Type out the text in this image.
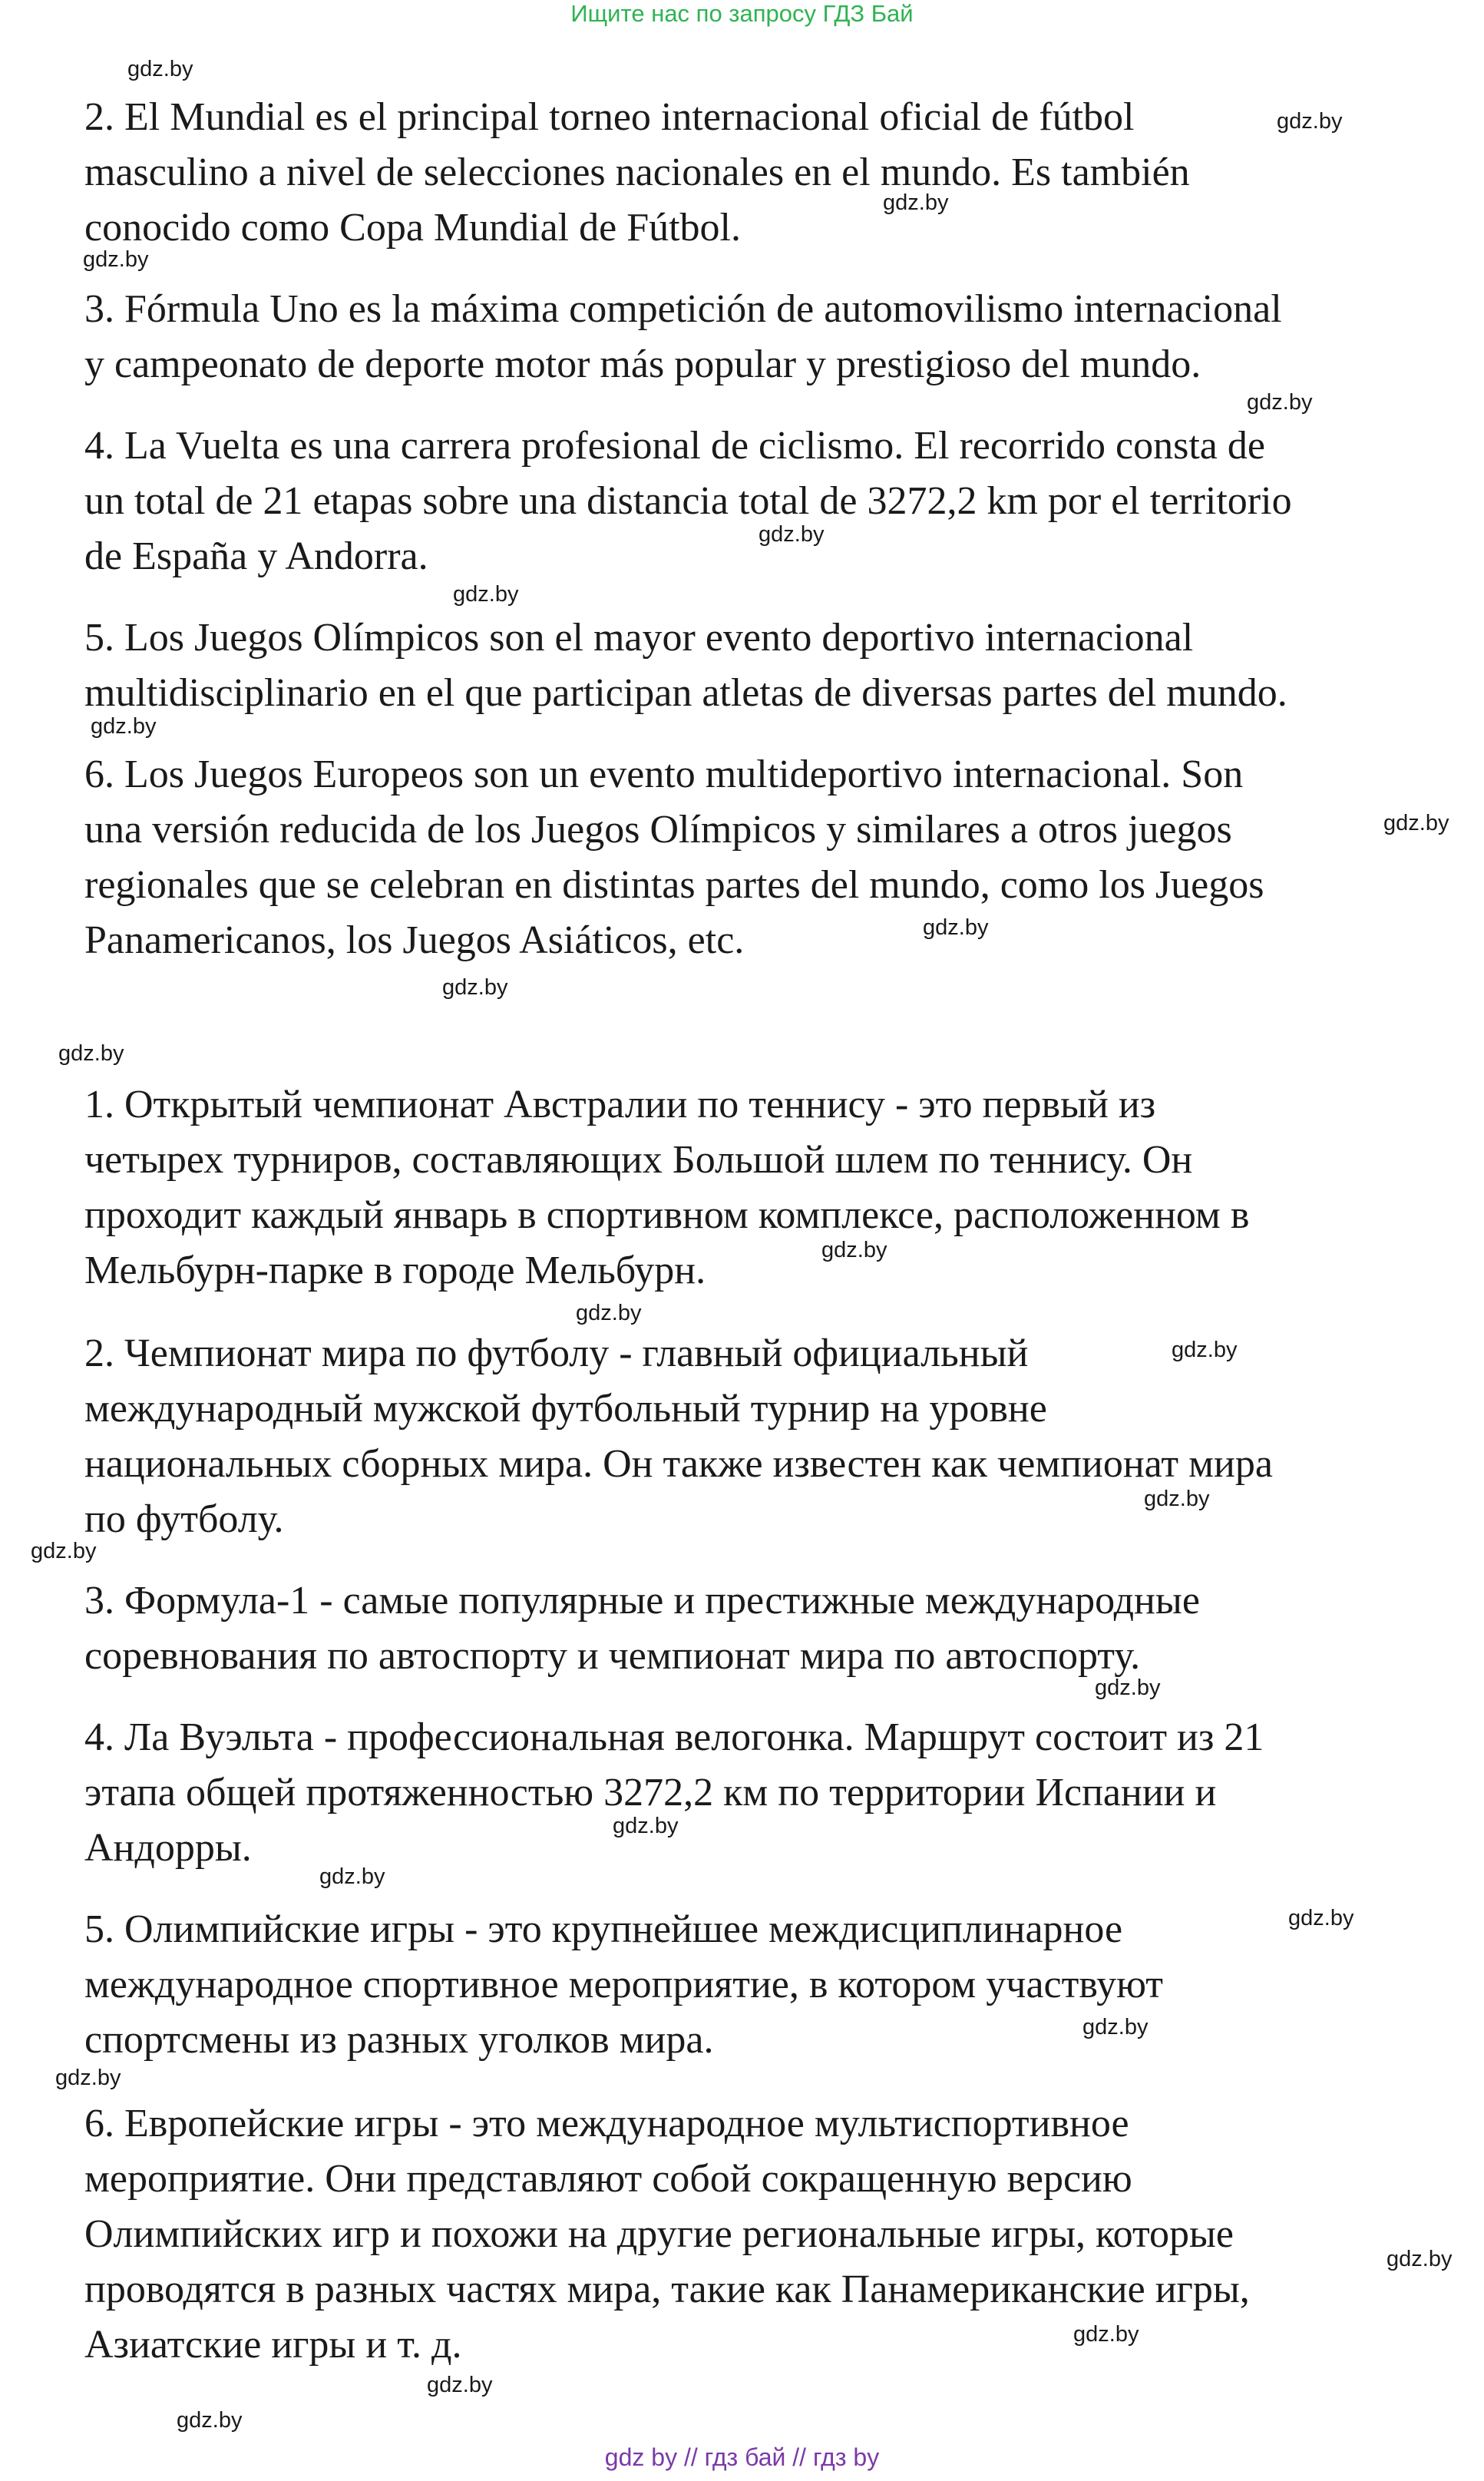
Ищите нас по запросу ГДЗ Бай
2. El Mundial es el principal torneo internacional oficial de fútbol
masculino a nivel de selecciones nacionales en el mundo. Es también
conocido como Copa Mundial de Fútbol.
3. Fórmula Uno es la máxima competición de automovilismo internacional
y campeonato de deporte motor más popular y prestigioso del mundo.
4. La Vuelta es una carrera profesional de ciclismo. El recorrido consta de
un total de 21 etapas sobre una distancia total de 3272,2 km por el territorio
de España y Andorra.
5. Los Juegos Olímpicos son el mayor evento deportivo internacional
multidisciplinario en el que participan atletas de diversas partes del mundo.
6. Los Juegos Europeos son un evento multideportivo internacional. Son
una versión reducida de los Juegos Olímpicos y similares a otros juegos
regionales que se celebran en distintas partes del mundo, como los Juegos
Panamericanos, los Juegos Asiáticos, etc.
1. Открытый чемпионат Австралии по теннису - это первый из
четырех турниров, составляющих Большой шлем по теннису. Он
проходит каждый январь в спортивном комплексе, расположенном в
Мельбурн-парке в городе Мельбурн.
2. Чемпионат мира по футболу - главный официальный
международный мужской футбольный турнир на уровне
национальных сборных мира. Он также известен как чемпионат мира
по футболу.
3. Формула-1 - самые популярные и престижные международные
соревнования по автоспорту и чемпионат мира по автоспорту.
4. Ла Вуэльта - профессиональная велогонка. Маршрут состоит из 21
этапа общей протяженностью 3272,2 км по территории Испании и
Андорры.
5. Олимпийские игры - это крупнейшее междисциплинарное
международное спортивное мероприятие, в котором участвуют
спортсмены из разных уголков мира.
6. Европейские игры - это международное мультиспортивное
мероприятие. Они представляют собой сокращенную версию
Олимпийских игр и похожи на другие региональные игры, которые
проводятся в разных частях мира, такие как Панамериканские игры,
Азиатские игры и т. д.
gdz.by
gdz.by
gdz.by
gdz.by
gdz.by
gdz.by
gdz.by
gdz.by
gdz.by
gdz.by
gdz.by
gdz.by
gdz.by
gdz.by
gdz.by
gdz.by
gdz.by
gdz.by
gdz.by
gdz.by
gdz.by
gdz.by
gdz.by
gdz.by
gdz.by
gdz.by
gdz.by
gdz by // гдз бай // гдз by
